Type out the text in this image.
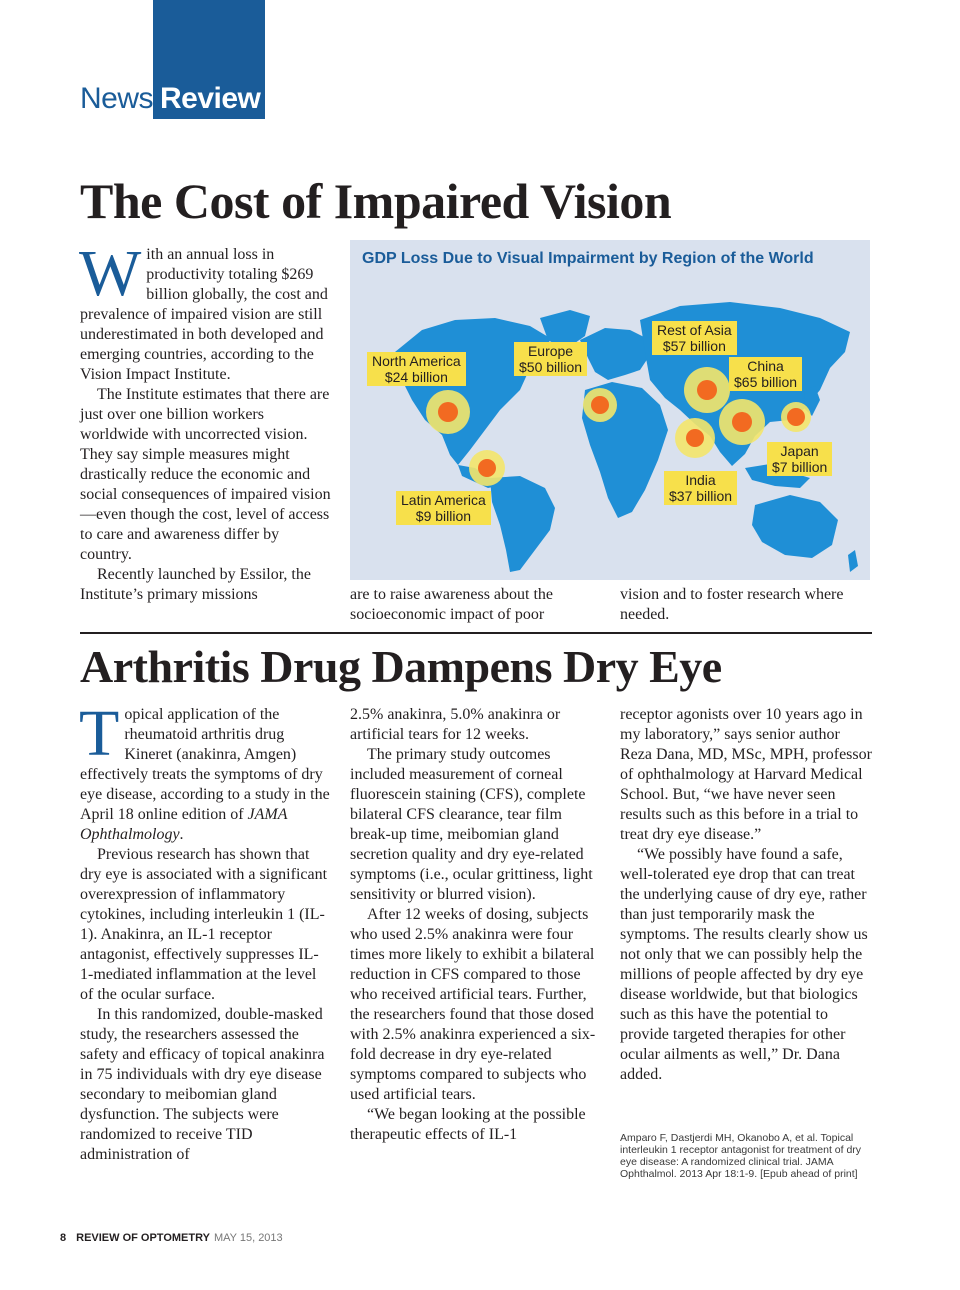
News Review
The Cost of Impaired Vision

With an annual loss in productivity totaling $269 billion globally, the cost and prevalence of impaired vision are still underestimated in both developed and emerging countries, according to the Vision Impact Institute.

The Institute estimates that there are just over one billion workers worldwide with uncorrected vision. They say simple measures might drastically reduce the economic and social consequences of impaired vision—even though the cost, level of access to care and awareness differ by country.

Recently launched by Essilor, the Institute’s primary missions	are to raise awareness about the socioeconomic impact of poor

vision and to foster research where needed.

GDP Loss Due to Visual Impairment by Region of the World
North America
$24 billion
Latin America
$9 billion
Europe
$50 billion
Rest of Asia
$57 billion
China
$65 billion
India
$37 billion
Japan
$7 billion
Arthritis Drug Dampens Dry Eye

Topical application of the rheumatoid arthritis drug Kineret (anakinra, Amgen) effectively treats the symptoms of dry eye disease, according to a study in the April 18 online edition of JAMA Ophthalmology.

Previous research has shown that dry eye is associated with a significant overexpression of inflammatory cytokines, including interleukin 1 (IL-1). Anakinra, an IL-1 receptor antagonist, effectively suppresses IL-1-mediated inflammation at the level of the ocular surface.

In this randomized, double-masked study, the researchers assessed the safety and efficacy of topical anakinra in 75 individuals with dry eye disease secondary to meibomian gland dysfunction. The subjects were randomized to receive TID administration of

2.5% anakinra, 5.0% anakinra or artificial tears for 12 weeks.

The primary study outcomes included measurement of corneal fluorescein staining (CFS), complete bilateral CFS clearance, tear film break-up time, meibomian gland secretion quality and dry eye-related symptoms (i.e., ocular grittiness, light sensitivity or blurred vision).

After 12 weeks of dosing, subjects who used 2.5% anakinra were four times more likely to exhibit a bilateral reduction in CFS compared to those who received artificial tears. Further, the researchers found that those dosed with 2.5% anakinra experienced a six-fold decrease in dry eye-related symptoms compared to subjects who used artificial tears.

“We began looking at the possible therapeutic effects of IL-1

receptor agonists over 10 years ago in my laboratory,” says senior author Reza Dana, MD, MSc, MPH, professor of ophthalmology at Harvard Medical School. But, “we have never seen results such as this before in a trial to treat dry eye disease.”

“We possibly have found a safe, well-tolerated eye drop that can treat the underlying cause of dry eye, rather than just temporarily mask the symptoms. The results clearly show us not only that we can possibly help the millions of people affected by dry eye disease worldwide, but that biologics such as this have the potential to provide targeted therapies for other ocular ailments as well,” Dr. Dana added.

Amparo F, Dastjerdi MH, Okanobo A, et al. Topical interleukin 1 receptor antagonist for treatment of dry eye disease: A randomized clinical trial. JAMA Ophthalmol. 2013 Apr 18:1-9. [Epub ahead of print]
8 REVIEW OF OPTOMETRY MAY 15, 2013
